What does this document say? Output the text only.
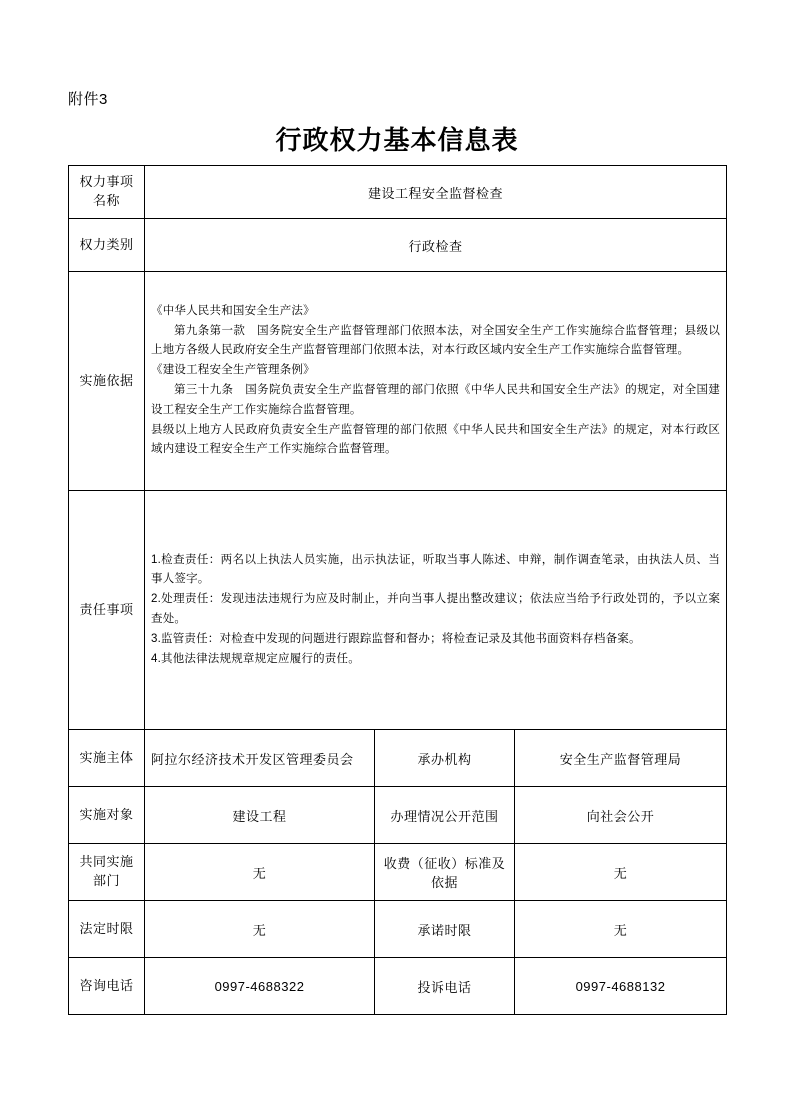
附件3
行政权力基本信息表
权力事项
名称	建设工程安全监督检查		
权力类别	行政检查		
实施依据	《中华人民共和国安全生产法》

第九条第一款　国务院安全生产监督管理部门依照本法，对全国安全生产工作实施综合监督管理；县级以上地方各级人民政府安全生产监督管理部门依照本法，对本行政区域内安全生产工作实施综合监督管理。

《建设工程安全生产管理条例》

第三十九条　国务院负责安全生产监督管理的部门依照《中华人民共和国安全生产法》的规定，对全国建设工程安全生产工作实施综合监督管理。

县级以上地方人民政府负责安全生产监督管理的部门依照《中华人民共和国安全生产法》的规定，对本行政区域内建设工程安全生产工作实施综合监督管理。		

责任事项	1.检查责任：两名以上执法人员实施，出示执法证，听取当事人陈述、申辩，制作调查笔录，由执法人员、当事人签字。

2.处理责任：发现违法违规行为应及时制止，并向当事人提出整改建议；依法应当给予行政处罚的，予以立案查处。

3.监管责任：对检查中发现的问题进行跟踪监督和督办；将检查记录及其他书面资料存档备案。

4.其他法律法规规章规定应履行的责任。		

实施主体	阿拉尔经济技术开发区管理委员会	承办机构	安全生产监督管理局
实施对象	建设工程	办理情况公开范围	向社会公开

共同实施
部门	无	收费（征收）标准及依据	无
法定时限	无	承诺时限	无
咨询电话	0997-4688322	投诉电话	0997-4688132
